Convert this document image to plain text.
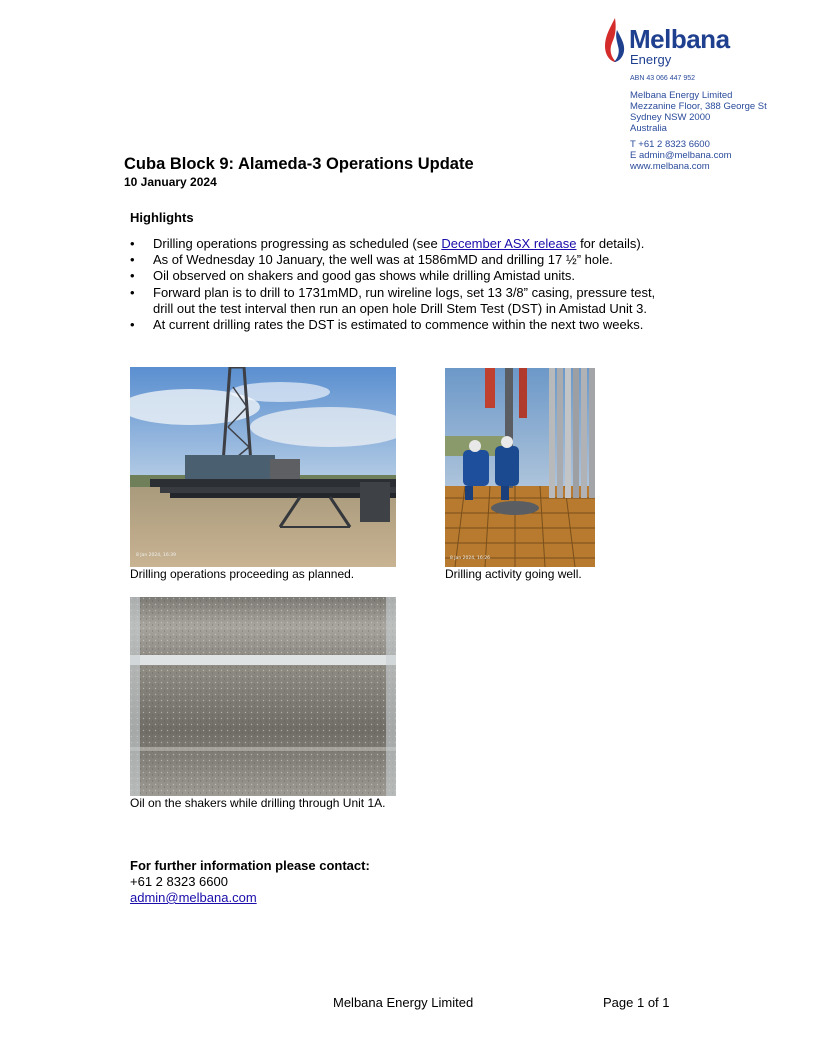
Melbana
Energy
ABN 43 066 447 952
Melbana Energy Limited
Mezzanine Floor, 388 George St
Sydney NSW 2000
Australia
T +61 2 8323 6600
E admin@melbana.com
www.melbana.com
Cuba Block 9: Alameda-3 Operations Update
10 January 2024
Highlights
• Drilling operations progressing as scheduled (see December ASX release for details).
• As of Wednesday 10 January, the well was at 1586mMD and drilling 17 ½” hole.
• Oil observed on shakers and good gas shows while drilling Amistad units.
• Forward plan is to drill to 1731mMD, run wireline logs, set 13 3/8” casing, pressure test,
drill out the test interval then run an open hole Drill Stem Test (DST) in Amistad Unit 3.
• At current drilling rates the DST is estimated to commence within the next two weeks.
8 Jan 2024, 16:39
Drilling operations proceeding as planned.
8 Jan 2024, 16:26
Drilling activity going well.
Oil on the shakers while drilling through Unit 1A.
For further information please contact:
+61 2 8323 6600
admin@melbana.com
Melbana Energy Limited	Page 1 of 1
